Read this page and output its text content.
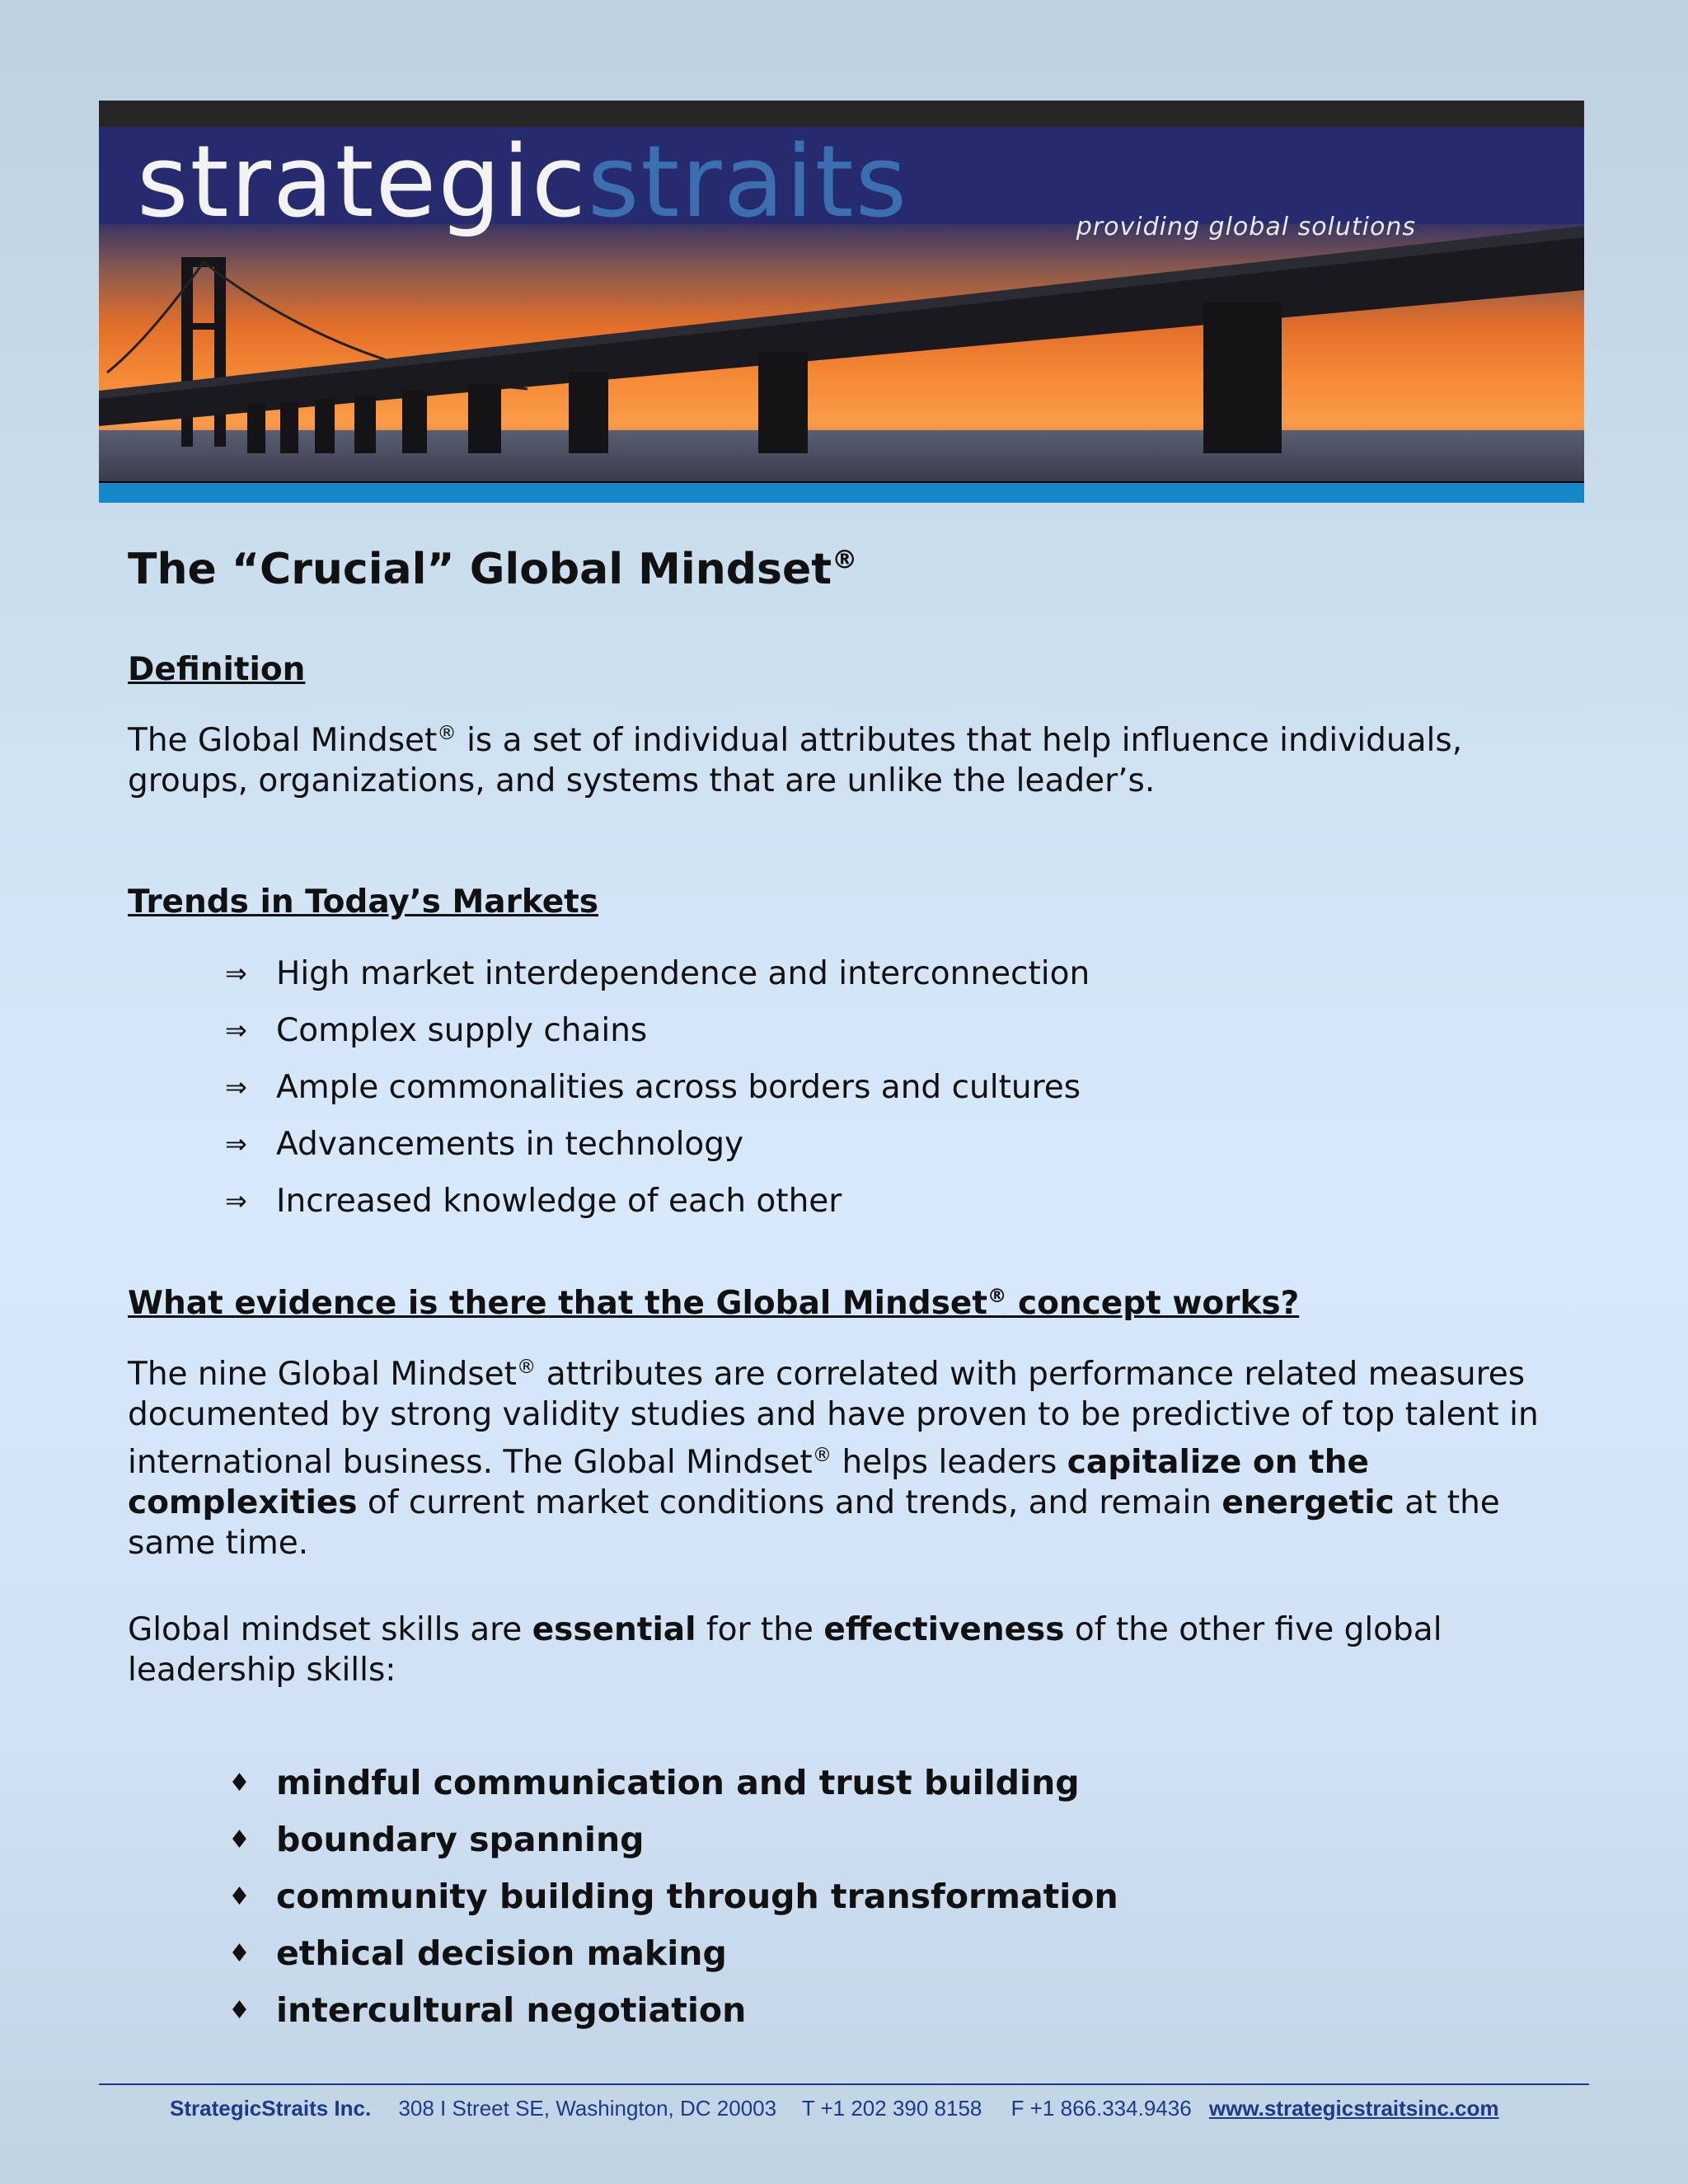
strategicstraits	providing global solutions
The “Crucial” Global Mindset®
Definition

The Global Mindset® is a set of individual attributes that help influence individuals, groups, organizations, and systems that are unlike the leader’s.

Trends in Today’s Markets
⇒ High market interdependence and interconnection
⇒ Complex supply chains
⇒ Ample commonalities across borders and cultures
⇒ Advancements in technology
⇒ Increased knowledge of each other
What evidence is there that the Global Mindset® concept works?

The nine Global Mindset® attributes are correlated with performance related measures documented by strong validity studies and have proven to be predictive of top talent in international business. The Global Mindset® helps leaders capitalize on the complexities of current market conditions and trends, and remain energetic at the same time.

Global mindset skills are essential for the effectiveness of the other five global leadership skills:

♦ mindful communication and trust building
♦ boundary spanning
♦ community building through transformation
♦ ethical decision making
♦ intercultural negotiation
StrategicStraits Inc. 308 I Street SE, Washington, DC 20003 T +1 202 390 8158 F +1 866.334.9436 www.strategicstraitsinc.com
